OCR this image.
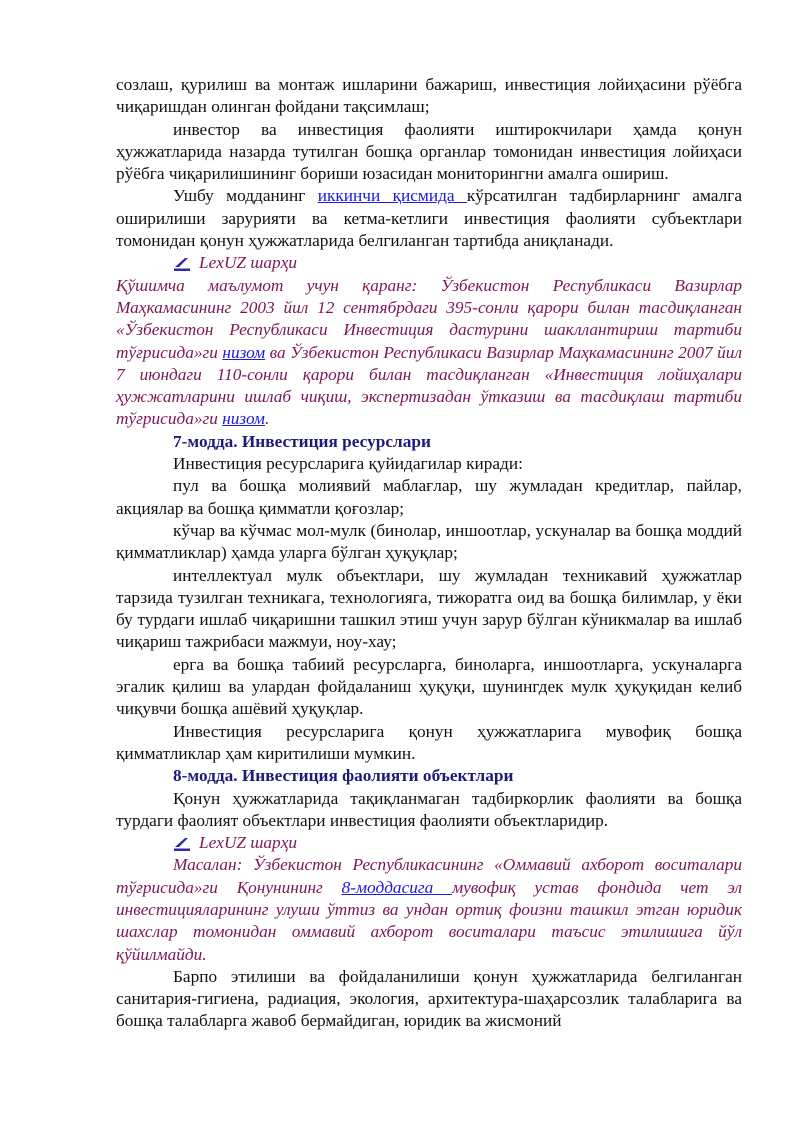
созлаш, қурилиш ва монтаж ишларини бажариш, инвестиция лойиҳасини рўёбга чиқаришдан олинган фойдани тақсимлаш;

инвестор ва инвестиция фаолияти иштирокчилари ҳамда қонун ҳужжатларида назарда тутилган бошқа органлар томонидан инвестиция лойиҳаси рўёбга чиқарилишининг бориши юзасидан мониторингни амалга ошириш.

Ушбу модданинг иккинчи қисмида кўрсатилган тадбирларнинг амалга оширилиши зарурияти ва кетма-кетлиги инвестиция фаолияти субъектлари томонидан қонун ҳужжатларида белгиланган тартибда аниқланади.

LexUZ шарҳи

Қўшимча маълумот учун қаранг: Ўзбекистон Республикаси Вазирлар Маҳкамасининг 2003 йил 12 сентябрдаги 395-сонли қарори билан тасдиқланган «Ўзбекистон Республикаси Инвестиция дастурини шакллантириш тартиби тўғрисида»ги низом ва Ўзбекистон Республикаси Вазирлар Маҳкамасининг 2007 йил 7 июндаги 110-сонли қарори билан тасдиқланган «Инвестиция лойиҳалари ҳужжатларини ишлаб чиқиш, экспертизадан ўтказиш ва тасдиқлаш тартиби тўғрисида»ги низом.

7-модда. Инвестиция ресурслари

Инвестиция ресурсларига қуйидагилар киради:

пул ва бошқа молиявий маблағлар, шу жумладан кредитлар, пайлар, акциялар ва бошқа қимматли қоғозлар;

кўчар ва кўчмас мол-мулк (бинолар, иншоотлар, ускуналар ва бошқа моддий қимматликлар) ҳамда уларга бўлган ҳуқуқлар;

интеллектуал мулк объектлари, шу жумладан техникавий ҳужжатлар тарзида тузилган техникага, технологияга, тижоратга оид ва бошқа билимлар, у ёки бу турдаги ишлаб чиқаришни ташкил этиш учун зарур бўлган кўникмалар ва ишлаб чиқариш тажрибаси мажмуи, ноу-хау;

ерга ва бошқа табиий ресурсларга, биноларга, иншоотларга, ускуналарга эгалик қилиш ва улардан фойдаланиш ҳуқуқи, шунингдек мулк ҳуқуқидан келиб чиқувчи бошқа ашёвий ҳуқуқлар.

Инвестиция ресурсларига қонун ҳужжатларига мувофиқ бошқа қимматликлар ҳам киритилиши мумкин.

8-модда. Инвестиция фаолияти объектлари

Қонун ҳужжатларида тақиқланмаган тадбиркорлик фаолияти ва бошқа турдаги фаолият объектлари инвестиция фаолияти объектларидир.

LexUZ шарҳи

Масалан: Ўзбекистон Республикасининг «Оммавий ахборот воситалари тўғрисида»ги Қонунининг 8-моддасига мувофиқ устав фондида чет эл инвестицияларининг улуши ўттиз ва ундан ортиқ фоизни ташкил этган юридик шахслар томонидан оммавий ахборот воситалари таъсис этилишига йўл қўйилмайди.

Барпо этилиши ва фойдаланилиши қонун ҳужжатларида белгиланган санитария-гигиена, радиация, экология, архитектура-шаҳарсозлик талабларига ва бошқа талабларга жавоб бермайдиган, юридик ва жисмоний
